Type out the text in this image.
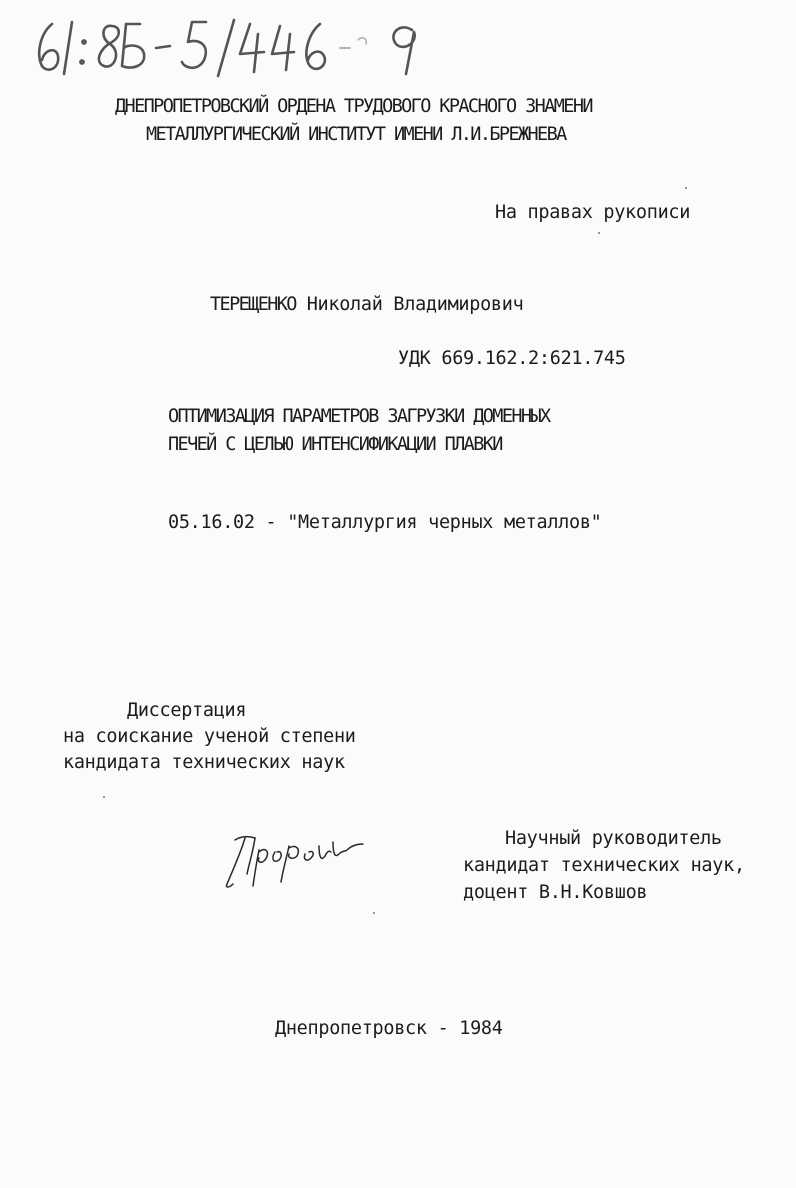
ДНЕПРОПЕТРОВСКИЙ ОРДЕНА ТРУДОВОГО КРАСНОГО ЗНАМЕНИ
МЕТАЛЛУРГИЧЕСКИЙ ИНСТИТУТ ИМЕНИ Л.И.БРЕЖНЕВА
На правах рукописи
ТЕРЕЩЕНКО Николай Владимирович
УДК 669.162.2:621.745
ОПТИМИЗАЦИЯ ПАРАМЕТРОВ ЗАГРУЗКИ ДОМЕННЫХ
ПЕЧЕЙ С ЦЕЛЬЮ ИНТЕНСИФИКАЦИИ ПЛАВКИ
05.16.02 - "Металлургия черных металлов"
Диссертация
на соискание ученой степени
кандидата технических наук
Научный руководитель
кандидат технических наук,
доцент В.Н.Ковшов
Днепропетровск - 1984
